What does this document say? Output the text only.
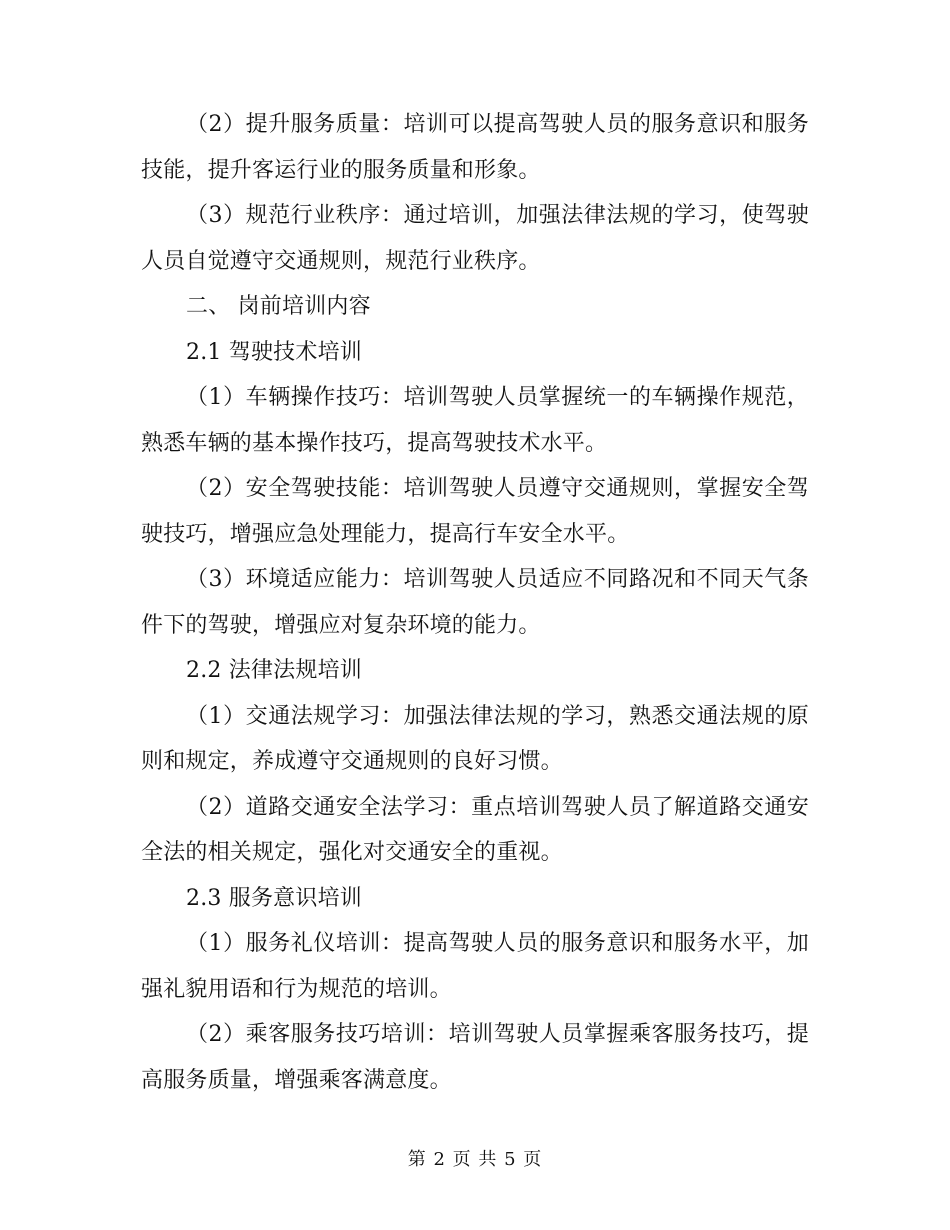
（2）提升服务质量：培训可以提高驾驶人员的服务意识和服务技能，提升客运行业的服务质量和形象。

（3）规范行业秩序：通过培训，加强法律法规的学习，使驾驶人员自觉遵守交通规则，规范行业秩序。

二、 岗前培训内容

2.1 驾驶技术培训

（1）车辆操作技巧：培训驾驶人员掌握统一的车辆操作规范，熟悉车辆的基本操作技巧，提高驾驶技术水平。

（2）安全驾驶技能：培训驾驶人员遵守交通规则，掌握安全驾驶技巧，增强应急处理能力，提高行车安全水平。

（3）环境适应能力：培训驾驶人员适应不同路况和不同天气条件下的驾驶，增强应对复杂环境的能力。

2.2 法律法规培训

（1）交通法规学习：加强法律法规的学习，熟悉交通法规的原则和规定，养成遵守交通规则的良好习惯。

（2）道路交通安全法学习：重点培训驾驶人员了解道路交通安全法的相关规定，强化对交通安全的重视。

2.3 服务意识培训

（1）服务礼仪培训：提高驾驶人员的服务意识和服务水平，加强礼貌用语和行为规范的培训。

（2）乘客服务技巧培训：培训驾驶人员掌握乘客服务技巧，提高服务质量，增强乘客满意度。

第 2 页 共 5 页
